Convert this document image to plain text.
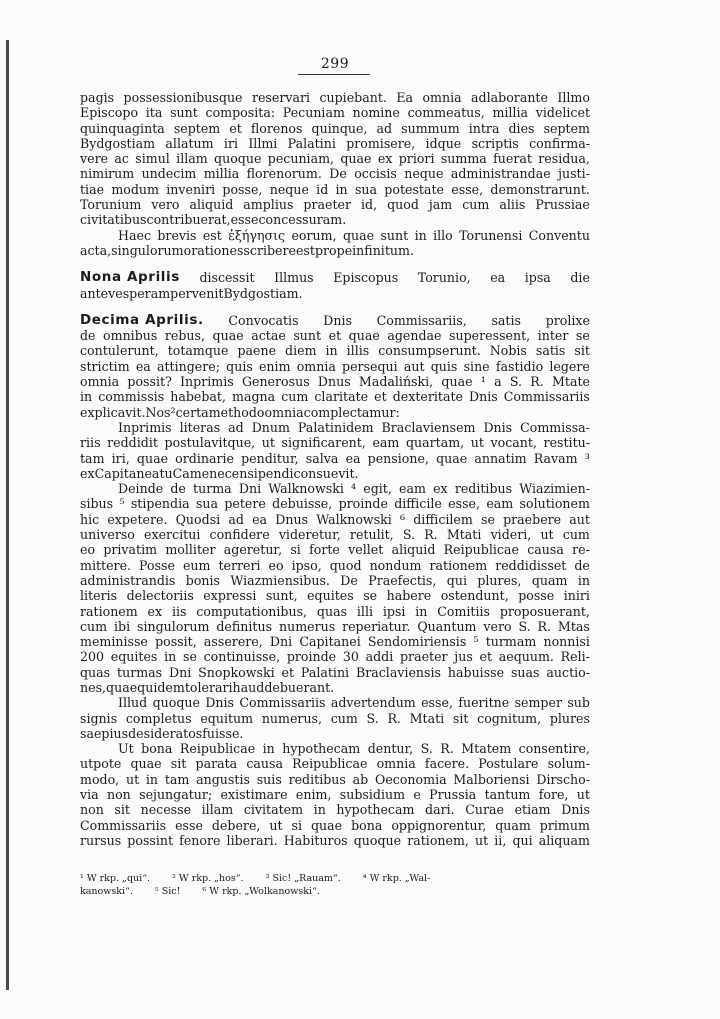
299
pagis possessionibusque reservari cupiebant. Ea omnia adlaborante Illmo
Episcopo ita sunt composita: Pecuniam nomine commeatus, millia videlicet
quinquaginta septem et florenos quinque, ad summum intra dies septem
Bydgostiam allatum iri Illmi Palatini promisere, idque scriptis confirma-
vere ac simul illam quoque pecuniam, quae ex priori summa fuerat residua,
nimirum undecim millia florenorum. De occisis neque administrandae justi-
tiae modum inveniri posse, neque id in sua potestate esse, demonstrarunt.
Torunium vero aliquid amplius praeter id, quod jam cum aliis Prussiae
civitatibus contribuerat, esse concessuram.
Haec brevis est ἐξήγησις eorum, quae sunt in illo Torunensi Conventu
acta, singulorum orationes scribere est prope infinitum.
Nona Aprilis discessit Illmus Episcopus Torunio, ea ipsa die
ante vesperam pervenit Bydgostiam.
Decima Aprilis. Convocatis Dnis Commissariis, satis prolixe
de omnibus rebus, quae actae sunt et quae agendae superessent, inter se
contulerunt, totamque paene diem in illis consumpserunt. Nobis satis sit
strictim ea attingere; quis enim omnia persequi aut quis sine fastidio legere
omnia possit? Inprimis Generosus Dnus Madaliński, quae ¹ a S. R. Mtate
in commissis habebat, magna cum claritate et dexteritate Dnis Commissariis
explicavit. Nos ² certa methodo omnia complectamur:
Inprimis literas ad Dnum Palatinidem Braclaviensem Dnis Commissa-
riis reddidit postulavitque, ut significarent, eam quartam, ut vocant, restitu-
tam iri, quae ordinarie penditur, salva ea pensione, quae annatim Ravam ³
ex Capitaneatu Camenecensi pendi consuevit.
Deinde de turma Dni Walknowski ⁴ egit, eam ex reditibus Wiazimien-
sibus ⁵ stipendia sua petere debuisse, proinde difficile esse, eam solutionem
hic expetere. Quodsi ad ea Dnus Walknowski ⁶ difficilem se praebere aut
universo exercitui confidere videretur, retulit, S. R. Mtati videri, ut cum
eo privatim molliter ageretur, si forte vellet aliquid Reipublicae causa re-
mittere. Posse eum terreri eo ipso, quod nondum rationem reddidisset de
administrandis bonis Wiazmiensibus. De Praefectis, qui plures, quam in
literis delectoriis expressi sunt, equites se habere ostendunt, posse iniri
rationem ex iis computationibus, quas illi ipsi in Comitiis proposuerant,
cum ibi singulorum definitus numerus reperiatur. Quantum vero S. R. Mtas
meminisse possit, asserere, Dni Capitanei Sendomiriensis ⁵ turmam nonnisi
200 equites in se continuisse, proinde 30 addi praeter jus et aequum. Reli-
quas turmas Dni Snopkowski et Palatini Braclaviensis habuisse suas auctio-
nes, quae quidem tolerari haud debuerant.
Illud quoque Dnis Commissariis advertendum esse, fueritne semper sub
signis completus equitum numerus, cum S. R. Mtati sit cognitum, plures
saepius desideratos fuisse.
Ut bona Reipublicae in hypothecam dentur, S. R. Mtatem consentire,
utpote quae sit parata causa Reipublicae omnia facere. Postulare solum-
modo, ut in tam angustis suis reditibus ab Oeconomia Malboriensi Dirscho-
via non sejungatur; existimare enim, subsidium e Prussia tantum fore, ut
non sit necesse illam civitatem in hypothecam dari. Curae etiam Dnis
Commissariis esse debere, ut si quae bona oppignorentur, quam primum
rursus possint fenore liberari. Habituros quoque rationem, ut ii, qui aliquam
¹ W rkp. „qui“. ² W rkp. „hos“. ³ Sic! „Rauam“. ⁴ W rkp. „Wal-
kanowski“. ⁵ Sic! ⁶ W rkp. „Wolkanowski“.
